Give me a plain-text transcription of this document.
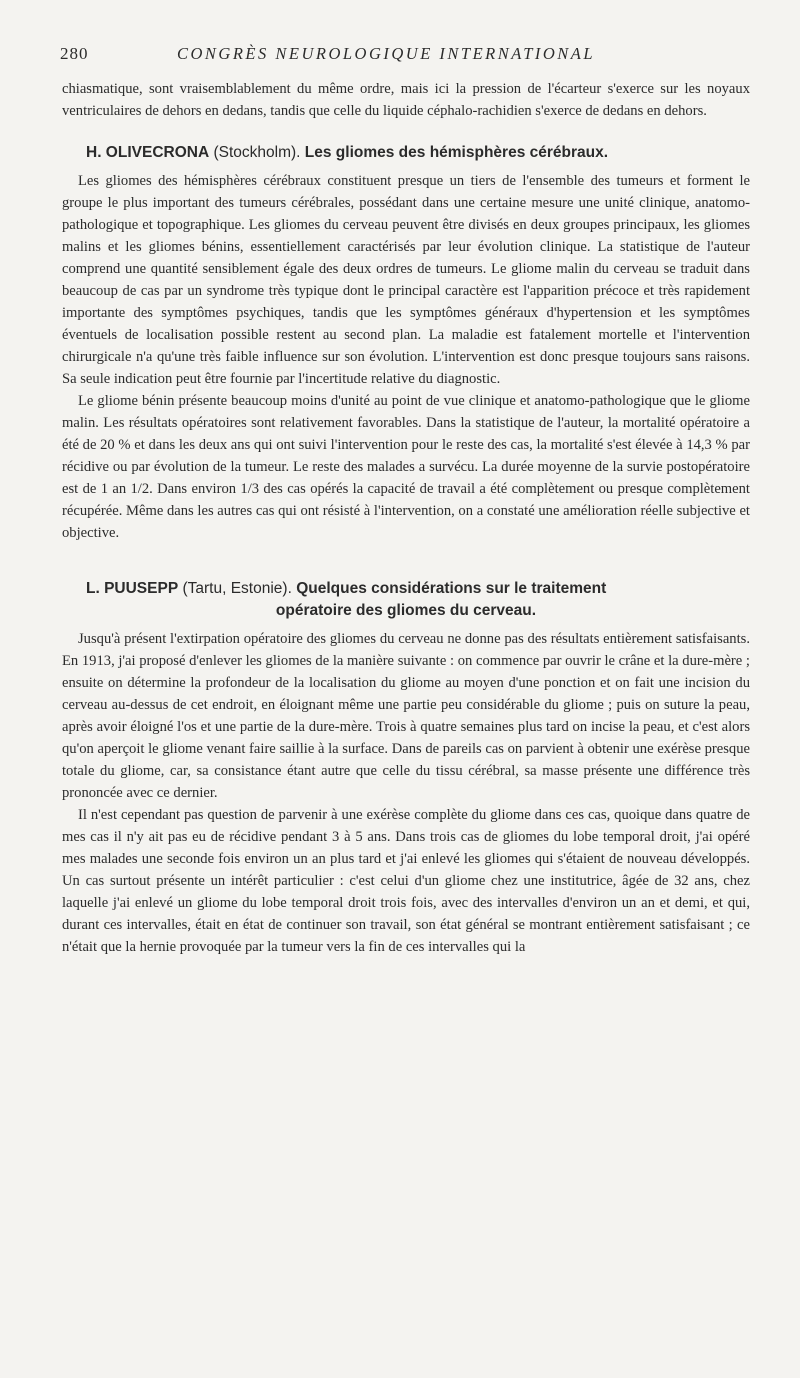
280	CONGRÈS NEUROLOGIQUE INTERNATIONAL

chiasmatique, sont vraisemblablement du même ordre, mais ici la pression de l'écarteur s'exerce sur les noyaux ventriculaires de dehors en dedans, tandis que celle du liquide céphalo-rachidien s'exerce de dedans en dehors.

H. OLIVECRONA (Stockholm). Les gliomes des hémisphères cérébraux.

Les gliomes des hémisphères cérébraux constituent presque un tiers de l'ensemble des tumeurs et forment le groupe le plus important des tumeurs cérébrales, possédant dans une certaine mesure une unité clinique, anatomo-pathologique et topographique. Les gliomes du cerveau peuvent être divisés en deux groupes principaux, les gliomes malins et les gliomes bénins, essentiellement caractérisés par leur évolution clinique. La statistique de l'auteur comprend une quantité sensiblement égale des deux ordres de tumeurs. Le gliome malin du cerveau se traduit dans beaucoup de cas par un syndrome très typique dont le principal caractère est l'apparition précoce et très rapidement importante des symptômes psychiques, tandis que les symptômes généraux d'hypertension et les symptômes éventuels de localisation possible restent au second plan. La maladie est fatalement mortelle et l'intervention chirurgicale n'a qu'une très faible influence sur son évolution. L'intervention est donc presque toujours sans raisons. Sa seule indication peut être fournie par l'incertitude relative du diagnostic.

Le gliome bénin présente beaucoup moins d'unité au point de vue clinique et anatomo-pathologique que le gliome malin. Les résultats opératoires sont relativement favorables. Dans la statistique de l'auteur, la mortalité opératoire a été de 20 % et dans les deux ans qui ont suivi l'intervention pour le reste des cas, la mortalité s'est élevée à 14,3 % par récidive ou par évolution de la tumeur. Le reste des malades a survécu. La durée moyenne de la survie postopératoire est de 1 an 1/2. Dans environ 1/3 des cas opérés la capacité de travail a été complètement ou presque complètement récupérée. Même dans les autres cas qui ont résisté à l'intervention, on a constaté une amélioration réelle subjective et objective.

L. PUUSEPP (Tartu, Estonie). Quelques considérations sur le traitement
opératoire des gliomes du cerveau.

Jusqu'à présent l'extirpation opératoire des gliomes du cerveau ne donne pas des résultats entièrement satisfaisants. En 1913, j'ai proposé d'enlever les gliomes de la manière suivante : on commence par ouvrir le crâne et la dure-mère ; ensuite on détermine la profondeur de la localisation du gliome au moyen d'une ponction et on fait une incision du cerveau au-dessus de cet endroit, en éloignant même une partie peu considérable du gliome ; puis on suture la peau, après avoir éloigné l'os et une partie de la dure-mère. Trois à quatre semaines plus tard on incise la peau, et c'est alors qu'on aperçoit le gliome venant faire saillie à la surface. Dans de pareils cas on parvient à obtenir une exérèse presque totale du gliome, car, sa consistance étant autre que celle du tissu cérébral, sa masse présente une différence très prononcée avec ce dernier.

Il n'est cependant pas question de parvenir à une exérèse complète du gliome dans ces cas, quoique dans quatre de mes cas il n'y ait pas eu de récidive pendant 3 à 5 ans. Dans trois cas de gliomes du lobe temporal droit, j'ai opéré mes malades une seconde fois environ un an plus tard et j'ai enlevé les gliomes qui s'étaient de nouveau développés. Un cas surtout présente un intérêt particulier : c'est celui d'un gliome chez une institutrice, âgée de 32 ans, chez laquelle j'ai enlevé un gliome du lobe temporal droit trois fois, avec des intervalles d'environ un an et demi, et qui, durant ces intervalles, était en état de continuer son travail, son état général se montrant entièrement satisfaisant ; ce n'était que la hernie provoquée par la tumeur vers la fin de ces intervalles qui la
